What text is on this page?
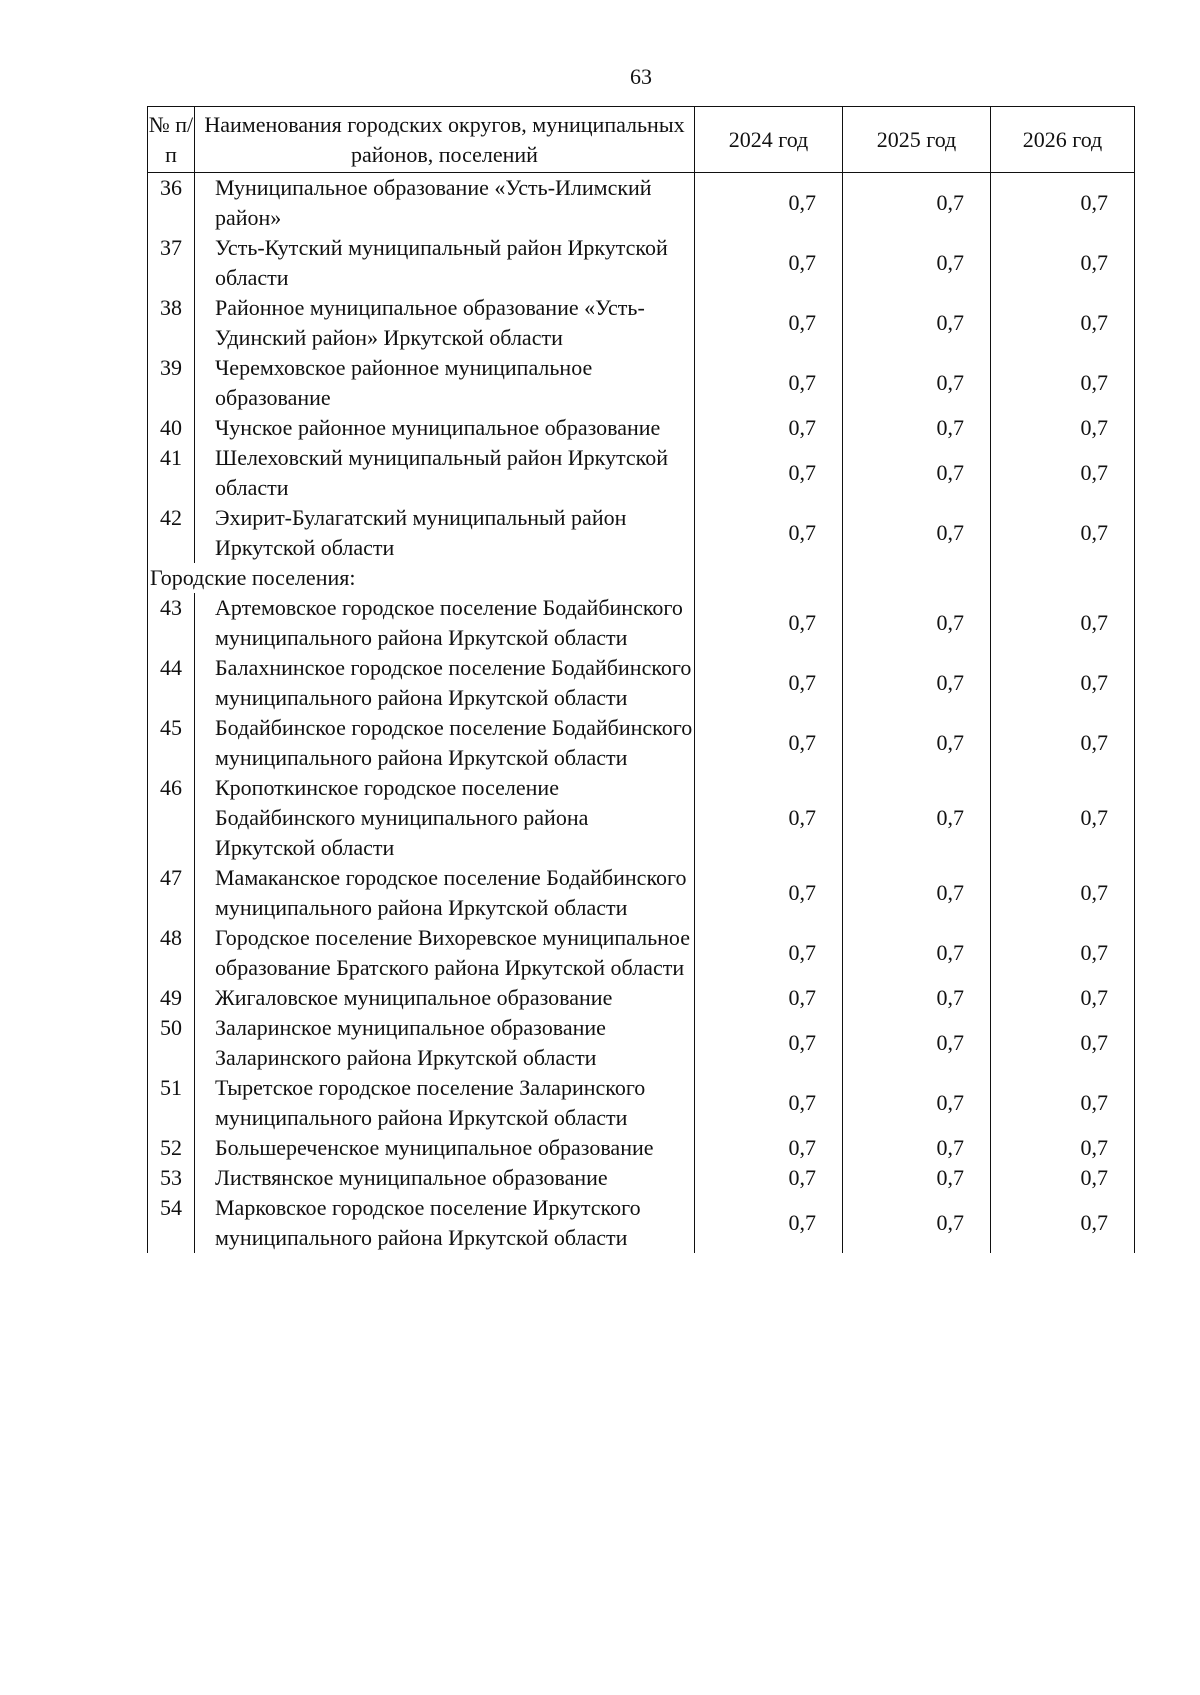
63
№ п/п	Наименования городских округов, муниципальных районов, поселений	2024 год	2025 год	2026 год
36	Муниципальное образование «Усть-Илимский район»	0,7	0,7	0,7
37	Усть-Кутский муниципальный район Иркутской области	0,7	0,7	0,7
38	Районное муниципальное образование «Усть-Удинский район» Иркутской области	0,7	0,7	0,7
39	Черемховское районное муниципальное образование	0,7	0,7	0,7
40	Чунское районное муниципальное образование	0,7	0,7	0,7
41	Шелеховский муниципальный район Иркутской области	0,7	0,7	0,7
42	Эхирит-Булагатский муниципальный район Иркутской области	0,7	0,7	0,7
Городские поселения:				
43	Артемовское городское поселение Бодайбинского муниципального района Иркутской области	0,7	0,7	0,7
44	Балахнинское городское поселение Бодайбинского муниципального района Иркутской области	0,7	0,7	0,7
45	Бодайбинское городское поселение Бодайбинского муниципального района Иркутской области	0,7	0,7	0,7
46	Кропоткинское городское поселение Бодайбинского муниципального района Иркутской области	0,7	0,7	0,7
47	Мамаканское городское поселение Бодайбинского муниципального района Иркутской области	0,7	0,7	0,7
48	Городское поселение Вихоревское муниципальное образование Братского района Иркутской области	0,7	0,7	0,7
49	Жигаловское муниципальное образование	0,7	0,7	0,7
50	Заларинское муниципальное образование Заларинского района Иркутской области	0,7	0,7	0,7
51	Тыретское городское поселение Заларинского муниципального района Иркутской области	0,7	0,7	0,7
52	Большереченское муниципальное образование	0,7	0,7	0,7
53	Листвянское муниципальное образование	0,7	0,7	0,7
54	Марковское городское поселение Иркутского муниципального района Иркутской области	0,7	0,7	0,7
